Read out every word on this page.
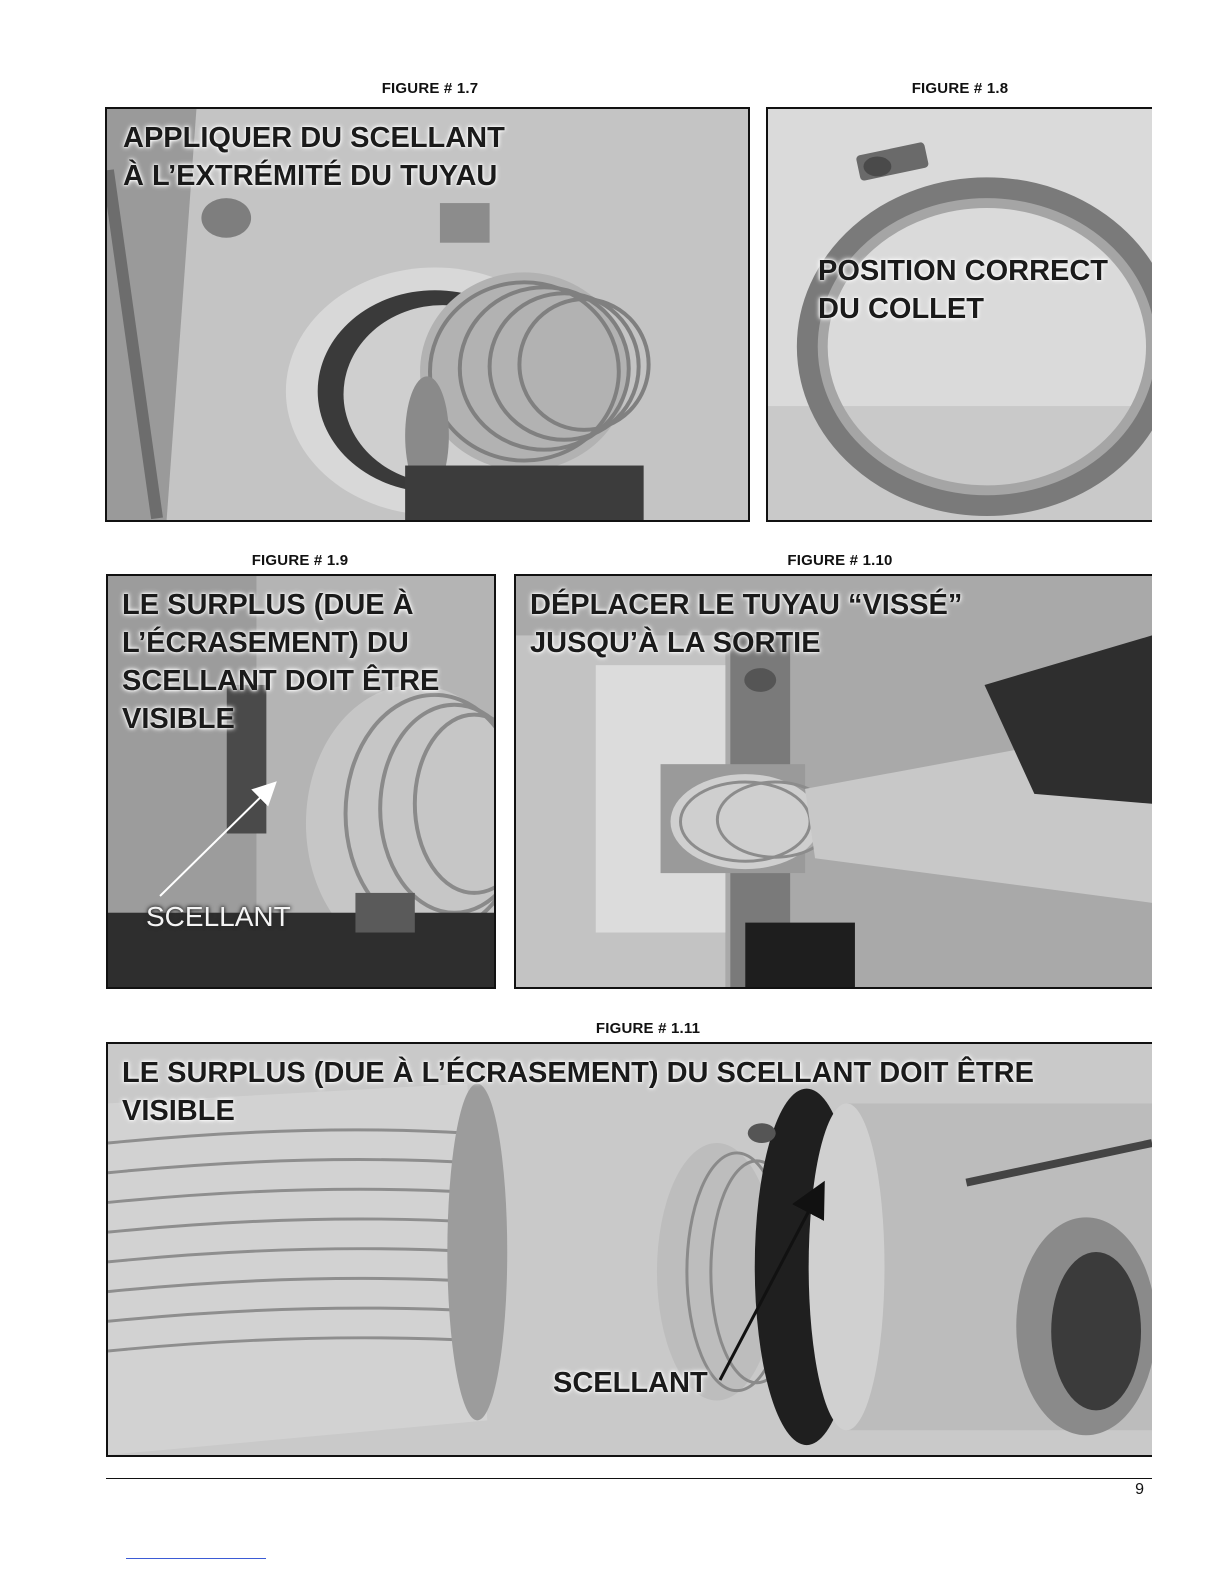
FIGURE # 1.7
APPLIQUER DU SCELLANT
À L’EXTRÉMITÉ DU TUYAU
FIGURE # 1.8
POSITION CORRECT
DU COLLET
FIGURE # 1.9
LE SURPLUS (DUE À
L’ÉCRASEMENT) DU
SCELLANT DOIT ÊTRE
VISIBLE
SCELLANT
FIGURE # 1.10
DÉPLACER LE TUYAU “VISSÉ”
JUSQU’À LA SORTIE
FIGURE # 1.11
LE SURPLUS (DUE À L’ÉCRASEMENT) DU SCELLANT DOIT ÊTRE
VISIBLE
SCELLANT
9
